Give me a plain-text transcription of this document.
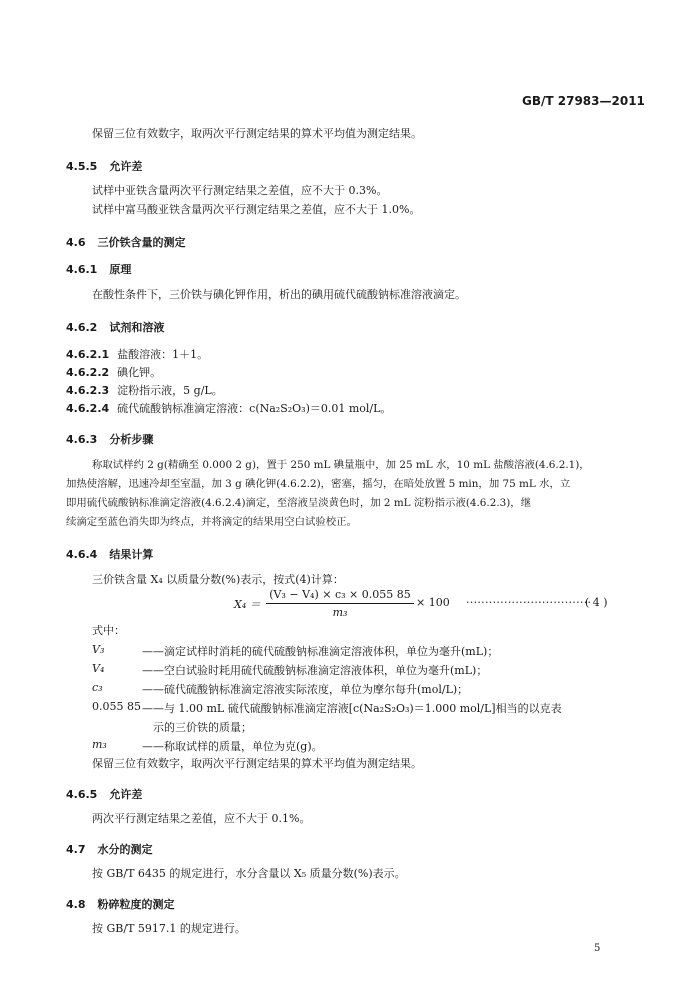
GB/T 27983—2011
保留三位有效数字，取两次平行测定结果的算术平均值为测定结果。
4.5.5 允许差
试样中亚铁含量两次平行测定结果之差值，应不大于 0.3%。
试样中富马酸亚铁含量两次平行测定结果之差值，应不大于 1.0%。
4.6 三价铁含量的测定
4.6.1 原理
在酸性条件下，三价铁与碘化钾作用，析出的碘用硫代硫酸钠标准溶液滴定。
4.6.2 试剂和溶液
4.6.2.1 盐酸溶液：1＋1。
4.6.2.2 碘化钾。
4.6.2.3 淀粉指示液，5 g/L。
4.6.2.4 硫代硫酸钠标准滴定溶液：c(Na₂S₂O₃)＝0.01 mol/L。
4.6.3 分析步骤
称取试样约 2 g(精确至 0.000 2 g)，置于 250 mL 碘量瓶中，加 25 mL 水，10 mL 盐酸溶液(4.6.2.1)，
加热使溶解，迅速冷却至室温，加 3 g 碘化钾(4.6.2.2)，密塞，摇匀，在暗处放置 5 min，加 75 mL 水，立
即用硫代硫酸钠标准滴定溶液(4.6.2.4)滴定，至溶液呈淡黄色时，加 2 mL 淀粉指示液(4.6.2.3)，继
续滴定至蓝色消失即为终点，并将滴定的结果用空白试验校正。
4.6.4 结果计算
三价铁含量 X₄ 以质量分数(%)表示，按式(4)计算：
X₄ ＝
(V₃ − V₄) × c₃ × 0.055 85
m₃
× 100 ·································
( 4 )
式中：
V₃	——滴定试样时消耗的硫代硫酸钠标准滴定溶液体积，单位为毫升(mL)；
V₄	——空白试验时耗用硫代硫酸钠标准滴定溶液体积，单位为毫升(mL)；
c₃	——硫代硫酸钠标准滴定溶液实际浓度，单位为摩尔每升(mol/L)；
0.055 85 ——与 1.00 mL 硫代硫酸钠标准滴定溶液[c(Na₂S₂O₃)＝1.000 mol/L]相当的以克表
示的三价铁的质量；
m₃	——称取试样的质量，单位为克(g)。
保留三位有效数字，取两次平行测定结果的算术平均值为测定结果。
4.6.5 允许差
两次平行测定结果之差值，应不大于 0.1%。
4.7 水分的测定
按 GB/T 6435 的规定进行，水分含量以 X₅ 质量分数(%)表示。
4.8 粉碎粒度的测定
按 GB/T 5917.1 的规定进行。
5
